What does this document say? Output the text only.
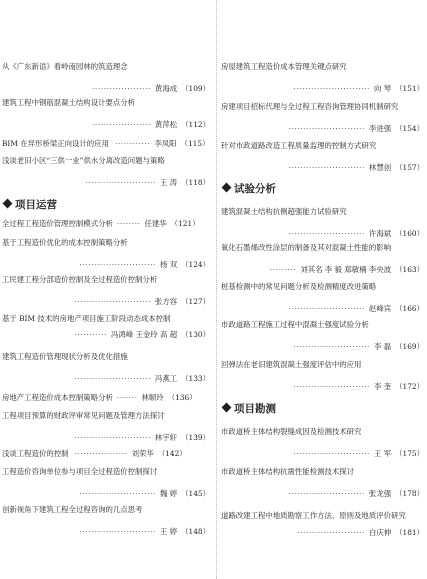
从《广东新语》看岭南园林的筑造理念
···················· 黄海成 （109）
建筑工程中钢筋混凝土结构设计要点分析
···················· 黄萍松 （112）
BIM 在异形桥梁正向设计的应用 ············ 李凤阳 （115）
浅谈老旧小区“三供一业”供水分离改造问题与策略
························ 王 涛 （118）
项目运营
全过程工程造价管理控制模式分析 ········ 任建华 （121）
基于工程造价优化的成本控制策略分析
·························· 杨 双 （124）
工民建工程分部造价控制及全过程造价控制分析
·························· 张方容 （127）
基于 BIM 技术的房地产项目施工阶段动态成本控制
··········· 冯鸿峰 王金玲 高 超 （130）
建筑工程造价管理现状分析及优化措施
·························· 冯燕工 （133）
房地产工程造价成本控制策略分析 ······· 林顺玲 （136）
工程项目预算的财政评审常见问题及管理方法探讨
·························· 林宇轩 （139）
浅谈工程造价的控制 ·················· 刘荣华 （142）
工程造价咨询单位参与项目全过程造价控制探讨
·························· 魏 婷 （145）
创新视角下建筑工程全过程咨询的几点思考
·························· 王 婷 （148）
房屋建筑工程造价成本管理关键点研究
·························· 向 琴 （151）
房建项目招标代理与全过程工程咨询管理协同机制研究
·························· 李进强 （154）
针对市政道路改造工程质量监理的控制方式研究
·························· 林慧创 （157）
试验分析
建筑混凝土结构抗侧超强能力试验研究
·························· 许海斌 （160）
氧化石墨烯改性涂层的制备及其对混凝土性能的影响
········· 刘其名 李 毅 郑敏楠 李央波 （163）
桩基检测中的常见问题分析及检测精度改进策略
·························· 赵峰宾 （166）
市政道路工程施工过程中混凝土强度试验分析
·························· 李 磊 （169）
回弹法在老旧建筑混凝土强度评估中的应用
·························· 李 奎 （172）
项目勘测
市政道桥主体结构裂缝成因及检测技术研究
·························· 王 军 （175）
市政道桥主体结构抗震性能检测技术探讨
·························· 张龙强 （178）
道路改建工程中地质勘察工作方法、原则及地质评价研究
······················· 白庆伸 （181）
